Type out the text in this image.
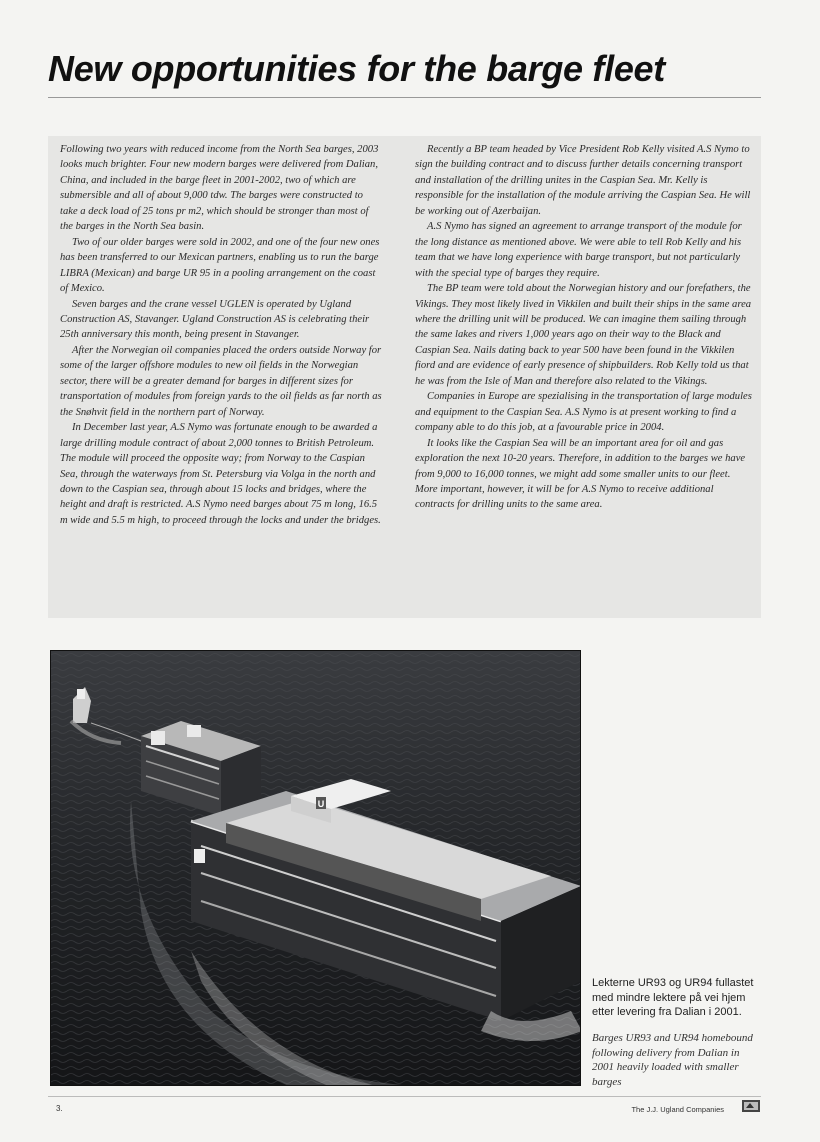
New opportunities for the barge fleet

Following two years with reduced income from the North Sea barges, 2003 looks much brighter. Four new modern barges were delivered from Dalian, China, and included in the barge fleet in 2001-2002, two of which are submersible and all of about 9,000 tdw. The barges were constructed to take a deck load of 25 tons pr m2, which should be stronger than most of the barges in the North Sea basin.

Two of our older barges were sold in 2002, and one of the four new ones has been transferred to our Mexican partners, enabling us to run the barge LIBRA (Mexican) and barge UR 95 in a pooling arrangement on the coast of Mexico.

Seven barges and the crane vessel UGLEN is operated by Ugland Construction AS, Stavanger. Ugland Construction AS is celebrating their 25th anniversary this month, being present in Stavanger.

After the Norwegian oil companies placed the orders outside Norway for some of the larger offshore modules to new oil fields in the Norwegian sector, there will be a greater demand for barges in different sizes for transportation of modules from foreign yards to the oil fields as far north as the Snøhvit field in the northern part of Norway.

In December last year, A.S Nymo was fortunate enough to be awarded a large drilling module contract of about 2,000 tonnes to British Petroleum. The module will proceed the opposite way; from Norway to the Caspian Sea, through the waterways from St. Petersburg via Volga in the north and down to the Caspian sea, through about 15 locks and bridges, where the height and draft is restricted. A.S Nymo need barges about 75 m long, 16.5 m wide and 5.5 m high, to proceed through the locks and under the bridges.

Recently a BP team headed by Vice President Rob Kelly visited A.S Nymo to sign the building contract and to discuss further details concerning transport and installation of the drilling unites in the Caspian Sea. Mr. Kelly is responsible for the installation of the module arriving the Caspian Sea. He will be working out of Azerbaijan.

A.S Nymo has signed an agreement to arrange transport of the module for the long distance as mentioned above. We were able to tell Rob Kelly and his team that we have long experience with barge transport, but not particularly with the special type of barges they require.

The BP team were told about the Norwegian history and our forefathers, the Vikings. They most likely lived in Vikkilen and built their ships in the same area where the drilling unit will be produced. We can imagine them sailing through the same lakes and rivers 1,000 years ago on their way to the Black and Caspian Sea. Nails dating back to year 500 have been found in the Vikkilen fiord and are evidence of early presence of shipbuilders. Rob Kelly told us that he was from the Isle of Man and therefore also related to the Vikings.

Companies in Europe are spezialising in the transportation of large modules and equipment to the Caspian Sea. A.S Nymo is at present working to find a company able to do this job, at a favourable price in 2004.

It looks like the Caspian Sea will be an important area for oil and gas exploration the next 10-20 years. Therefore, in addition to the barges we have from 9,000 to 16,000 tonnes, we might add some smaller units to our fleet. More important, however, it will be for A.S Nymo to receive additional contracts for drilling units to the same area.

U
Lekterne UR93 og UR94 fullastet med mindre lektere på vei hjem etter levering fra Dalian i 2001.
Barges UR93 and UR94 homebound following delivery from Dalian in 2001 heavily loaded with smaller barges
3.	The J.J. Ugland Companies
